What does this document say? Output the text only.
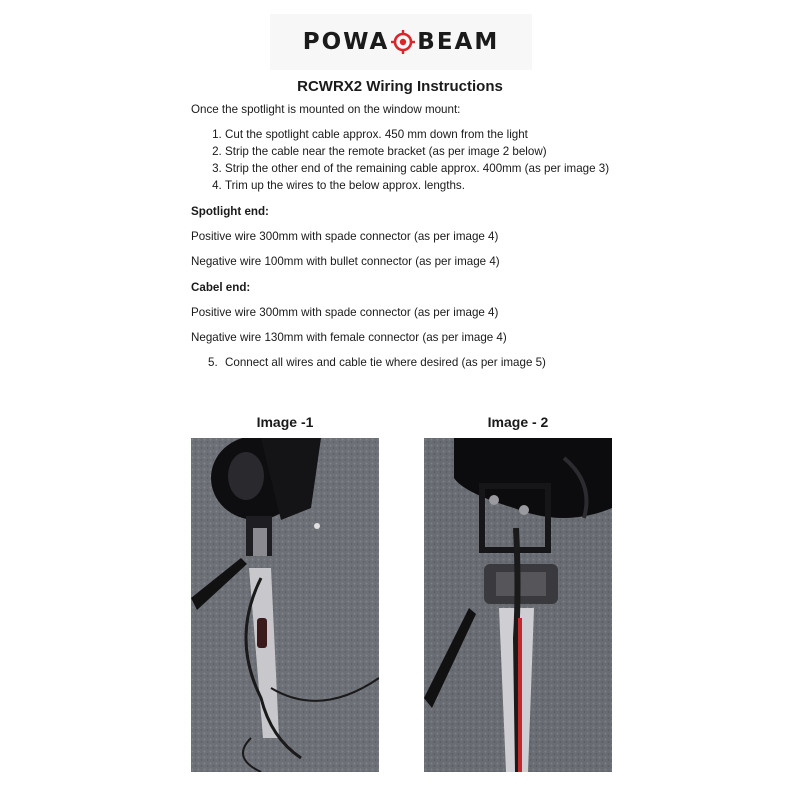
POWA BEAM
RCWRX2 Wiring Instructions

Once the spotlight is mounted on the window mount:

1. Cut the spotlight cable approx. 450 mm down from the light
2. Strip the cable near the remote bracket (as per image 2 below)
3. Strip the other end of the remaining cable approx. 400mm (as per image 3)
4. Trim up the wires to the below approx. lengths.
Spotlight end:
Positive wire 300mm with spade connector (as per image 4)
Negative wire 100mm with bullet connector (as per image 4)
Cabel end:
Positive wire 300mm with spade connector (as per image 4)
Negative wire 130mm with female connector (as per image 4)
5. Connect all wires and cable tie where desired (as per image 5)
Image -1	Image - 2
